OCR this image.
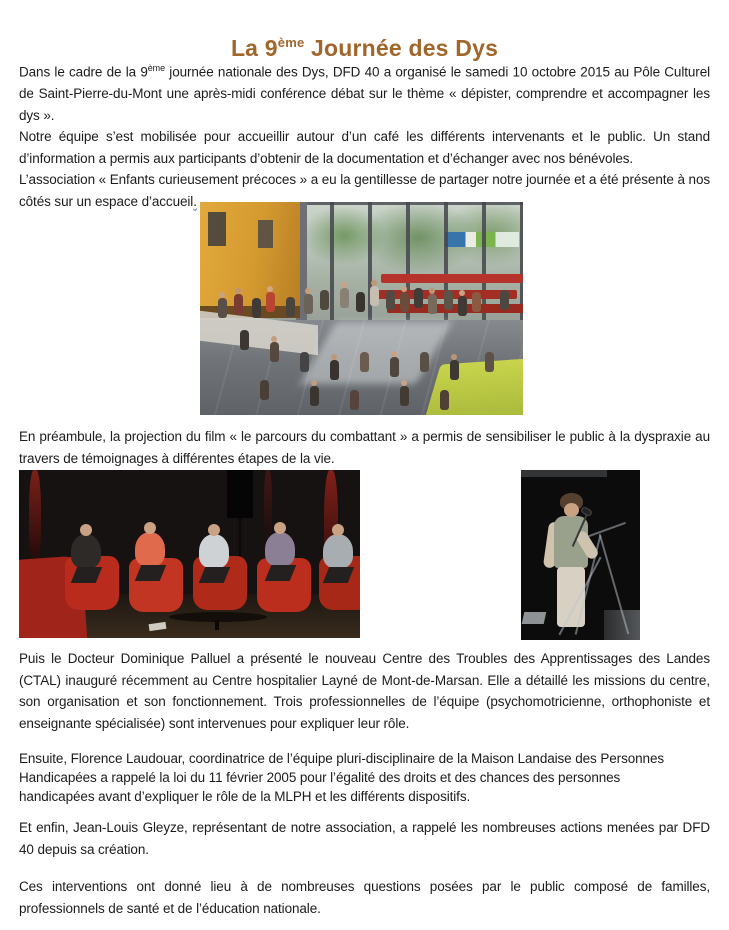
La 9ème Journée des Dys

Dans le cadre de la 9ème journée nationale des Dys, DFD 40 a organisé le samedi 10 octobre 2015 au Pôle Culturel de Saint-Pierre-du-Mont une après-midi conférence débat sur le thème « dépister, comprendre et accompagner les dys ».

Notre équipe s’est mobilisée pour accueillir autour d’un café les différents intervenants et le public. Un stand d’information a permis aux participants d’obtenir de la documentation et d’échanger avec nos bénévoles.

L’association « Enfants curieusement précoces » a eu la gentillesse de partager notre journée et a été présente à nos côtés sur un espace d’accueil.

En préambule, la projection du film « le parcours du combattant » a permis de sensibiliser le public à la dyspraxie au travers de témoignages à différentes étapes de la vie.

Puis le Docteur Dominique Palluel a présenté le nouveau Centre des Troubles des Apprentissages des Landes (CTAL) inauguré récemment au Centre hospitalier Layné de Mont-de-Marsan. Elle a détaillé les missions du centre, son organisation et son fonctionnement. Trois professionnelles de l’équipe (psychomotricienne, orthophoniste et enseignante spécialisée) sont intervenues pour expliquer leur rôle.

Ensuite, Florence Laudouar, coordinatrice de l’équipe pluri-disciplinaire de la Maison Landaise des Personnes Handicapées a rappelé la loi du 11 février 2005 pour l’égalité des droits et des chances des personnes handicapées avant d’expliquer le rôle de la MLPH et les différents dispositifs.

Et enfin, Jean-Louis Gleyze, représentant de notre association, a rappelé les nombreuses actions menées par DFD 40 depuis sa création.

Ces interventions ont donné lieu à de nombreuses questions posées par le public composé de familles, professionnels de santé et de l’éducation nationale.
